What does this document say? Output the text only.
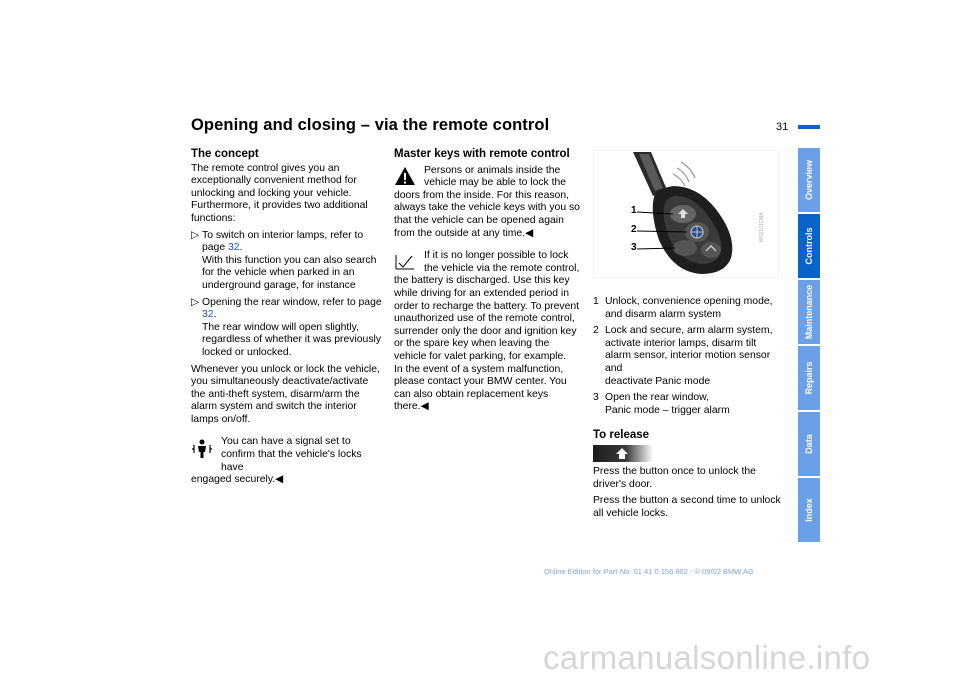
Opening and closing – via the remote control	31
The concept

The remote control gives you an exceptionally convenient method for unlocking and locking your vehicle. Furthermore, it provides two additional functions:

▷ To switch on interior lamps, refer to page 32.
With this function you can also search for the vehicle when parked in an underground garage, for instance
▷ Opening the rear window, refer to page 32.
The rear window will open slightly, regardless of whether it was previously locked or unlocked.

Whenever you unlock or lock the vehicle, you simultaneously deactivate/activate the anti-theft system, disarm/arm the alarm system and switch the interior lamps on/off.

You can have a signal set to confirm that the vehicle's locks have
engaged securely.◀
Master keys with remote control
Persons or animals inside the vehicle may be able to lock the
doors from the inside. For this reason, always take the vehicle keys with you so that the vehicle can be opened again from the outside at any time.◀
If it is no longer possible to lock the vehicle via the remote control,
the battery is discharged. Use this key while driving for an extended period in order to recharge the battery. To prevent unauthorized use of the remote control, surrender only the door and ignition key or the spare key when leaving the vehicle for valet parking, for example.
In the event of a system malfunction, please contact your BMW center. You can also obtain replacement keys there.◀
1
2
3
MS0101CMA
1 Unlock, convenience opening mode, and disarm alarm system
2 Lock and secure, arm alarm system, activate interior lamps, disarm tilt alarm sensor, interior motion sensor and
deactivate Panic mode
3 Open the rear window,
Panic mode – trigger alarm
To release

Press the button once to unlock the driver's door.

Press the button a second time to unlock all vehicle locks.

Overview
Controls
Maintenance
Repairs
Data
Index
Online Edition for Part-No. 01 41 0 156 802 - © 09/02 BMW AG
carmanualsonline.info
